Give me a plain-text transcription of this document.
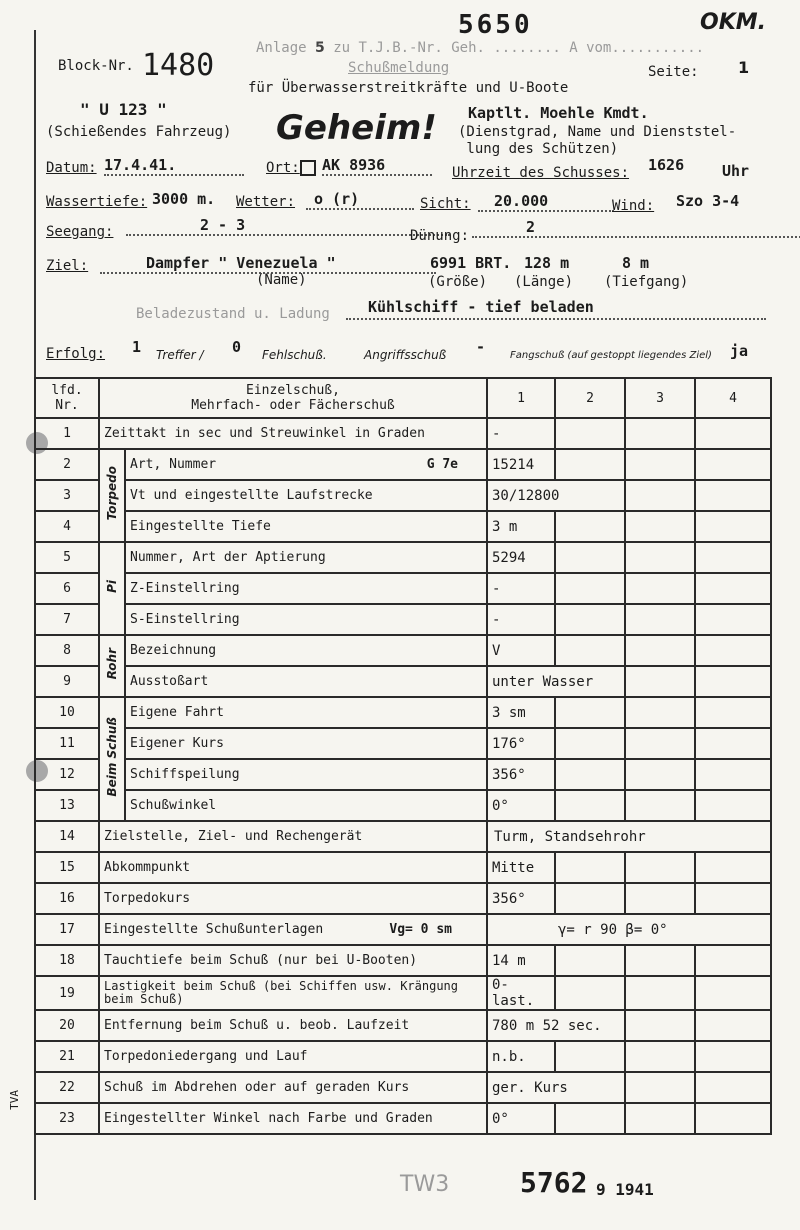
5650	OKM.
Anlage 5 zu T.J.B.-Nr. Geh. ........ A vom...........
Block-Nr. 1480	Schußmeldung
für Überwasserstreitkräfte und U-Boote
Seite: 1
" U 123 "
(Schießendes Fahrzeug) Geheim! Kaptlt. Moehle Kmdt.
(Dienstgrad, Name und Dienststel-
lung des Schützen)
Datum: 17.4.41.	Ort: AK 8936	Uhrzeit des Schusses: 1626	Uhr
Wassertiefe: 3000 m. Wetter:	o (r)	Sicht:	20.000	Wind: Szo 3-4
Seegang:	2 - 3
Dünung:	2
Ziel:	Dampfer " Venezuela "
(Name)
6991 BRT.
(Größe)
128 m
(Länge)
8 m
(Tiefgang)
Beladezustand u. Ladung	Kühlschiff - tief beladen
Erfolg: 1 Treffer / 0 Fehlschuß.	Angriffsschuß - Fangschuß (auf gestoppt liegendes Ziel) ja
lfd.
Nr.	Einzelschuß,
Mehrfach- oder Fächerschuß		1	2	3	4
1	Zeittakt in sec und Streuwinkel in Graden		-			
2	Torpedo	Art, Nummer G 7e	15214			
3		Vt und eingestellte Laufstrecke	30/12800			
4		Eingestellte Tiefe	3 m			
5	Pi	Nummer, Art der Aptierung	5294			
6		Z-Einstellring	-			
7		S-Einstellring	-			
8	Rohr	Bezeichnung	V			
9		Ausstoßart	unter Wasser			
10	Beim Schuß	Eigene Fahrt	3 sm			
11		Eigener Kurs	176°			
12		Schiffspeilung	356°			
13		Schußwinkel	0°			
14	Zielstelle, Ziel- und Rechengerät		Turm, Standsehrohr			
15	Abkommpunkt		Mitte			
16	Torpedokurs		356°			
17	Eingestellte Schußunterlagen Vg= 0 sm		γ= r 90 β= 0°			
18	Tauchtiefe beim Schuß (nur bei U-Booten)		14 m			
19	Lastigkeit beim Schuß (bei Schiffen usw. Krängung beim Schuß)		0-last.			
20	Entfernung beim Schuß u. beob. Laufzeit		780 m 52 sec.			
21	Torpedoniedergang und Lauf		n.b.			
22	Schuß im Abdrehen oder auf geraden Kurs		ger. Kurs			
23	Eingestellter Winkel nach Farbe und Graden		0°			
TW3	5762 9 1941
TVA
